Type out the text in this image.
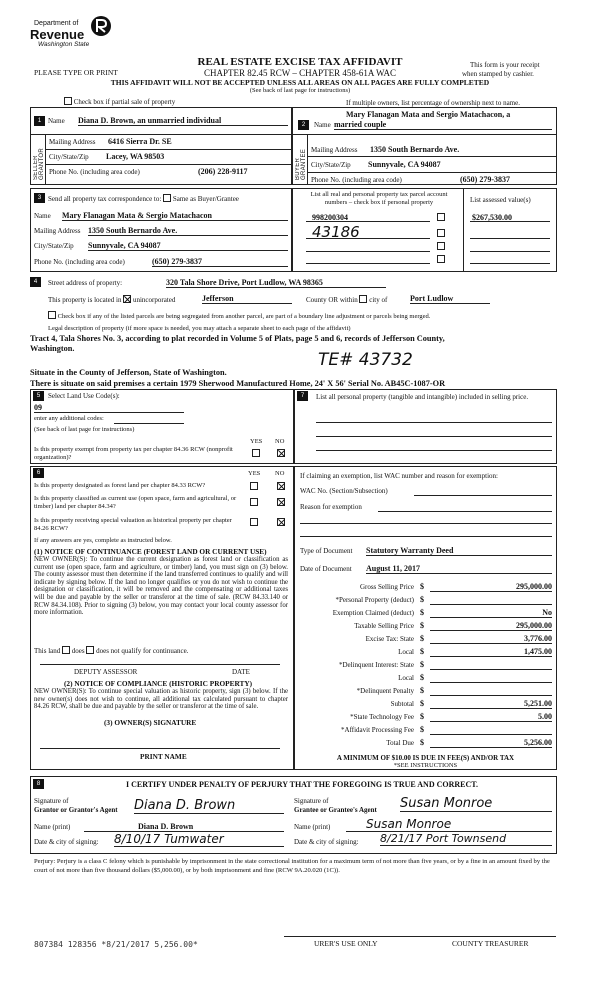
Department of
Revenue
Washington State
REAL ESTATE EXCISE TAX AFFIDAVIT
CHAPTER 82.45 RCW – CHAPTER 458-61A WAC
PLEASE TYPE OR PRINT
THIS AFFIDAVIT WILL NOT BE ACCEPTED UNLESS ALL AREAS ON ALL PAGES ARE FULLY COMPLETED
(See back of last page for instructions)
This form is your receipt
when stamped by cashier.
Check box if partial sale of property	If multiple owners, list percentage of ownership next to name.
1 Name Diana D. Brown, an unmarried individual
SELLER GRANTOR
Mailing Address 6416 Sierra Dr. SE
City/State/Zip Lacey, WA 98503
Phone No. (including area code)	(206) 228-9117
2
Mary Flanagan Mata and Sergio Matachacon, a
Name married couple
BUYER GRANTEE Mailing Address 1350 South Bernardo Ave.
City/State/Zip Sunnyvale, CA 94087
Phone No. (including area code)	(650) 279-3837
3 Send all property tax correspondence to: Same as Buyer/Grantee
Name Mary Flanagan Mata & Sergio Matachacon
Mailing Address 1350 South Bernardo Ave.
City/State/Zip Sunnyvale, CA 94087
Phone No. (including area code)	(650) 279-3837
List all real and personal property tax parcel account
numbers – check box if personal property	List assessed value(s)
998200304	$267,530.00
43186
4	Street address of property:	320 Tala Shore Drive, Port Ludlow, WA 98365
This property is located in unincorporated	Jefferson	County OR within city of	Port Ludlow
Check box if any of the listed parcels are being segregated from another parcel, are part of a boundary line adjustment or parcels being merged.
Legal description of property (if more space is needed, you may attach a separate sheet to each page of the affidavit)
Tract 4, Tala Shores No. 3, according to plat recorded in Volume 5 of Plats, page 5 and 6, records of Jefferson County,
Washington.
TE# 43732
Situate in the County of Jefferson, State of Washington.
There is situate on said premises a certain 1979 Sherwood Manufactured Home, 24' X 56' Serial No. AB45C-1087-OR
5	Select Land Use Code(s):
09
enter any additional codes:
(See back of last page for instructions)
YES NO
Is this property exempt from property tax per chapter 84.36 RCW (nonprofit organization)?
7	List all personal property (tangible and intangible) included in selling price.
6	YES NO
Is this property designated as forest land per chapter 84.33 RCW?
Is this property classified as current use (open space, farm and agricultural, or timber) land per chapter 84.34?
Is this property receiving special valuation as historical property per chapter 84.26 RCW?
If any answers are yes, complete as instructed below.
(1) NOTICE OF CONTINUANCE (FOREST LAND OR CURRENT USE)
NEW OWNER(S): To continue the current designation as forest land or classification as current use (open space, farm and agriculture, or timber) land, you must sign on (3) below. The county assessor must then determine if the land transferred continues to qualify and will indicate by signing below. If the land no longer qualifies or you do not wish to continue the designation or classification, it will be removed and the compensating or additional taxes will be due and payable by the seller or transferor at the time of sale. (RCW 84.33.140 or RCW 84.34.108). Prior to signing (3) below, you may contact your local county assessor for more information.
This land does does not qualify for continuance.
DEPUTY ASSESSOR	DATE
(2) NOTICE OF COMPLIANCE (HISTORIC PROPERTY)
NEW OWNER(S): To continue special valuation as historic property, sign (3) below. If the new owner(s) does not wish to continue, all additional tax calculated pursuant to chapter 84.26 RCW, shall be due and payable by the seller or transferor at the time of sale.
(3) OWNER(S) SIGNATURE
PRINT NAME
If claiming an exemption, list WAC number and reason for exemption:
WAC No. (Section/Subsection)
Reason for exemption
Type of Document Statutory Warranty Deed
Date of Document August 11, 2017
Gross Selling Price $	295,000.00
*Personal Property (deduct) $
Exemption Claimed (deduct) $	No
Taxable Selling Price $	295,000.00
Excise Tax: State $	3,776.00
Local $	1,475.00
*Delinquent Interest: State $
Local $
*Delinquent Penalty $
Subtotal $	5,251.00
*State Technology Fee $	5.00
*Affidavit Processing Fee $
Total Due $	5,256.00
A MINIMUM OF $10.00 IS DUE IN FEE(S) AND/OR TAX
*SEE INSTRUCTIONS
8	I CERTIFY UNDER PENALTY OF PERJURY THAT THE FOREGOING IS TRUE AND CORRECT.
Signature of
Grantor or Grantor's Agent Diana D. Brown
Name (print)	Diana D. Brown
Date & city of signing: 8/10/17 Tumwater
Signature of
Grantee or Grantee's Agent Susan Monroe
Name (print)	Susan Monroe
Date & city of signing: 8/21/17 Port Townsend
Perjury: Perjury is a class C felony which is punishable by imprisonment in the state correctional institution for a maximum term of not more than five years, or by a fine in an amount fixed by the court of not more than five thousand dollars ($5,000.00), or by both imprisonment and fine (RCW 9A.20.020 (1C)).
807384 128356 *8/21/2017 5,256.00*	URER'S USE ONLY	COUNTY TREASURER
